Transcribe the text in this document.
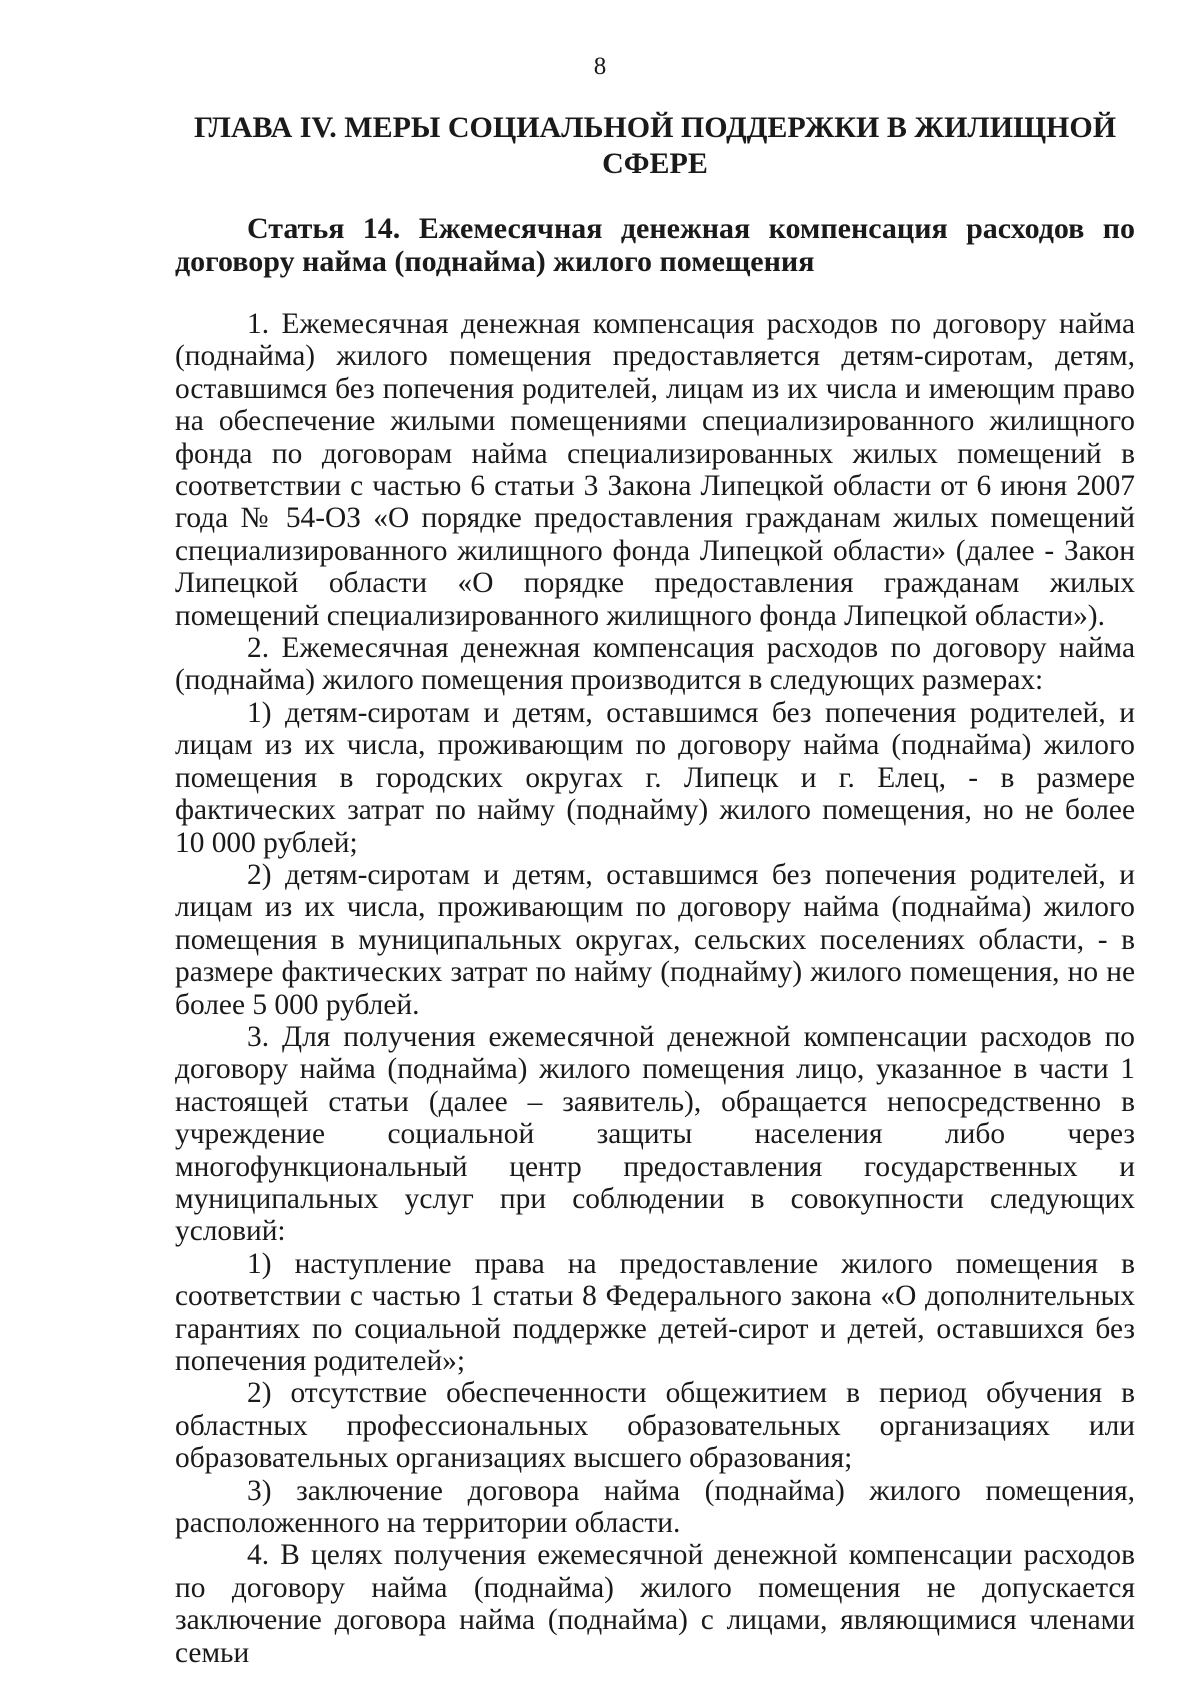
8
ГЛАВА IV. МЕРЫ СОЦИАЛЬНОЙ ПОДДЕРЖКИ В ЖИЛИЩНОЙ СФЕРЕ
Статья 14. Ежемесячная денежная компенсация расходов по договору найма (поднайма) жилого помещения

1. Ежемесячная денежная компенсация расходов по договору найма (поднайма) жилого помещения предоставляется детям-сиротам, детям, оставшимся без попечения родителей, лицам из их числа и имеющим право на обеспечение жилыми помещениями специализированного жилищного фонда по договорам найма специализированных жилых помещений в соответствии с частью 6 статьи 3 Закона Липецкой области от 6 июня 2007 года № 54-ОЗ «О порядке предоставления гражданам жилых помещений специализированного жилищного фонда Липецкой области» (далее - Закон Липецкой области «О порядке предоставления гражданам жилых помещений специализированного жилищного фонда Липецкой области»).

2. Ежемесячная денежная компенсация расходов по договору найма (поднайма) жилого помещения производится в следующих размерах:

1) детям-сиротам и детям, оставшимся без попечения родителей, и лицам из их числа, проживающим по договору найма (поднайма) жилого помещения в городских округах г. Липецк и г. Елец, - в размере фактических затрат по найму (поднайму) жилого помещения, но не более 10 000 рублей;

2) детям-сиротам и детям, оставшимся без попечения родителей, и лицам из их числа, проживающим по договору найма (поднайма) жилого помещения в муниципальных округах, сельских поселениях области, - в размере фактических затрат по найму (поднайму) жилого помещения, но не более 5 000 рублей.

3. Для получения ежемесячной денежной компенсации расходов по договору найма (поднайма) жилого помещения лицо, указанное в части 1 настоящей статьи (далее – заявитель), обращается непосредственно в учреждение социальной защиты населения либо через многофункциональный центр предоставления государственных и муниципальных услуг при соблюдении в совокупности следующих условий:

1) наступление права на предоставление жилого помещения в соответствии с частью 1 статьи 8 Федерального закона «О дополнительных гарантиях по социальной поддержке детей-сирот и детей, оставшихся без попечения родителей»;

2) отсутствие обеспеченности общежитием в период обучения в областных профессиональных образовательных организациях или образовательных организациях высшего образования;

3) заключение договора найма (поднайма) жилого помещения, расположенного на территории области.

4. В целях получения ежемесячной денежной компенсации расходов по договору найма (поднайма) жилого помещения не допускается заключение договора найма (поднайма) с лицами, являющимися членами семьи
